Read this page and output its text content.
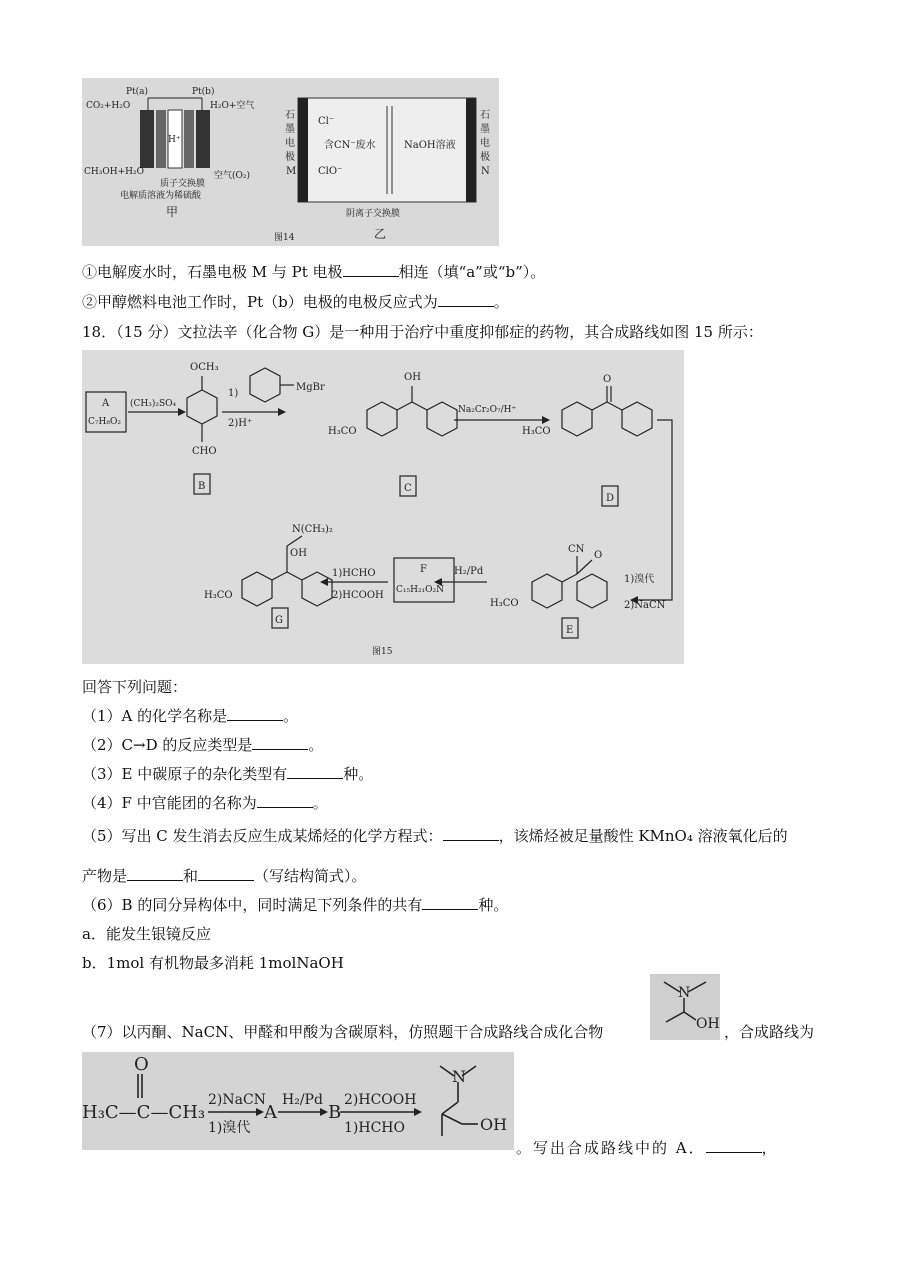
Pt(a)	Pt(b)
CO₂+H₂O	H₂O+空气
H⁺
CH₃OH+H₂O	空气(O₂)
质子交换膜
电解质溶液为稀硫酸
甲
Cl⁻
ClO⁻
含CN⁻废水	NaOH溶液
阴离子交换膜
乙
石
墨
电
极
M
石
墨
电
极
N
图14
①电解废水时，石墨电极 M 与 Pt 电极	相连（填“a”或“b”）。
②甲醇燃料电池工作时，Pt（b）电极的电极反应式为	。
18．（15 分）文拉法辛（化合物 G）是一种用于治疗中重度抑郁症的药物，其合成路线如图 15 所示：
A
C₇H₈O₂
(CH₃)₂SO₄
OCH₃
CHO
1)
MgBr
2)H⁺
H₃CO
OH
Na₂Cr₂O₇/H⁺
H₃CO
O
1)溴代
2)NaCN
CN
O
H₃CO
H₂/Pd
F
C₁₅H₂₁O₂N
1)HCHO
2)HCOOH
N(CH₃)₂
OH
H₃CO
B	C
D
E
G
图15
回答下列问题：
（1）A 的化学名称是	。
（2）C→D 的反应类型是	。
（3）E 中碳原子的杂化类型有	种。
（4）F 中官能团的名称为	。
（5）写出 C 发生消去反应生成某烯烃的化学方程式：	，该烯烃被足量酸性 KMnO₄ 溶液氧化后的
产物是	和	（写结构简式）。
（6）B 的同分异构体中，同时满足下列条件的共有	种。
a．能发生银镜反应
b．1mol 有机物最多消耗 1molNaOH
（7）以丙酮、NaCN、甲醛和甲酸为含碳原料，仿照题干合成路线合成化合物
N
OH ，合成路线为
O
H₃C—C—CH₃
2)NaCN
1)溴代
A
H₂/Pd
B
2)HCOOH
1)HCHO
N
OH
。写出合成路线中的 A．	，
